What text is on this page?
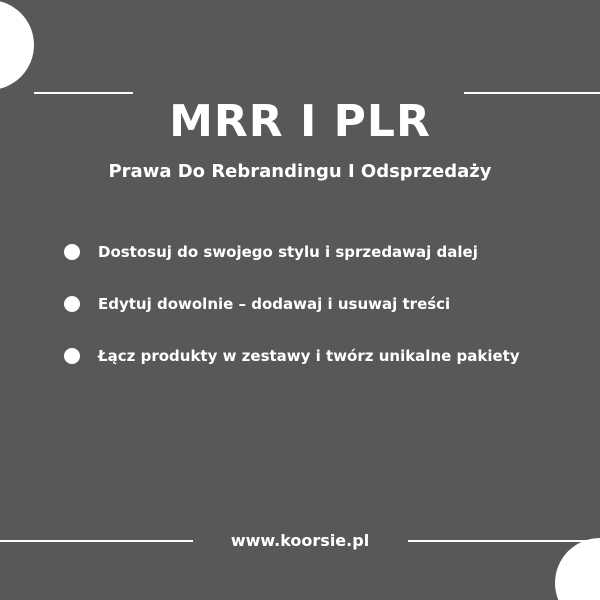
MRR I PLR
Prawa Do Rebrandingu I Odsprzedaży
Dostosuj do swojego stylu i sprzedawaj dalej
Edytuj dowolnie – dodawaj i usuwaj treści
Łącz produkty w zestawy i twórz unikalne pakiety
www.koorsie.pl
